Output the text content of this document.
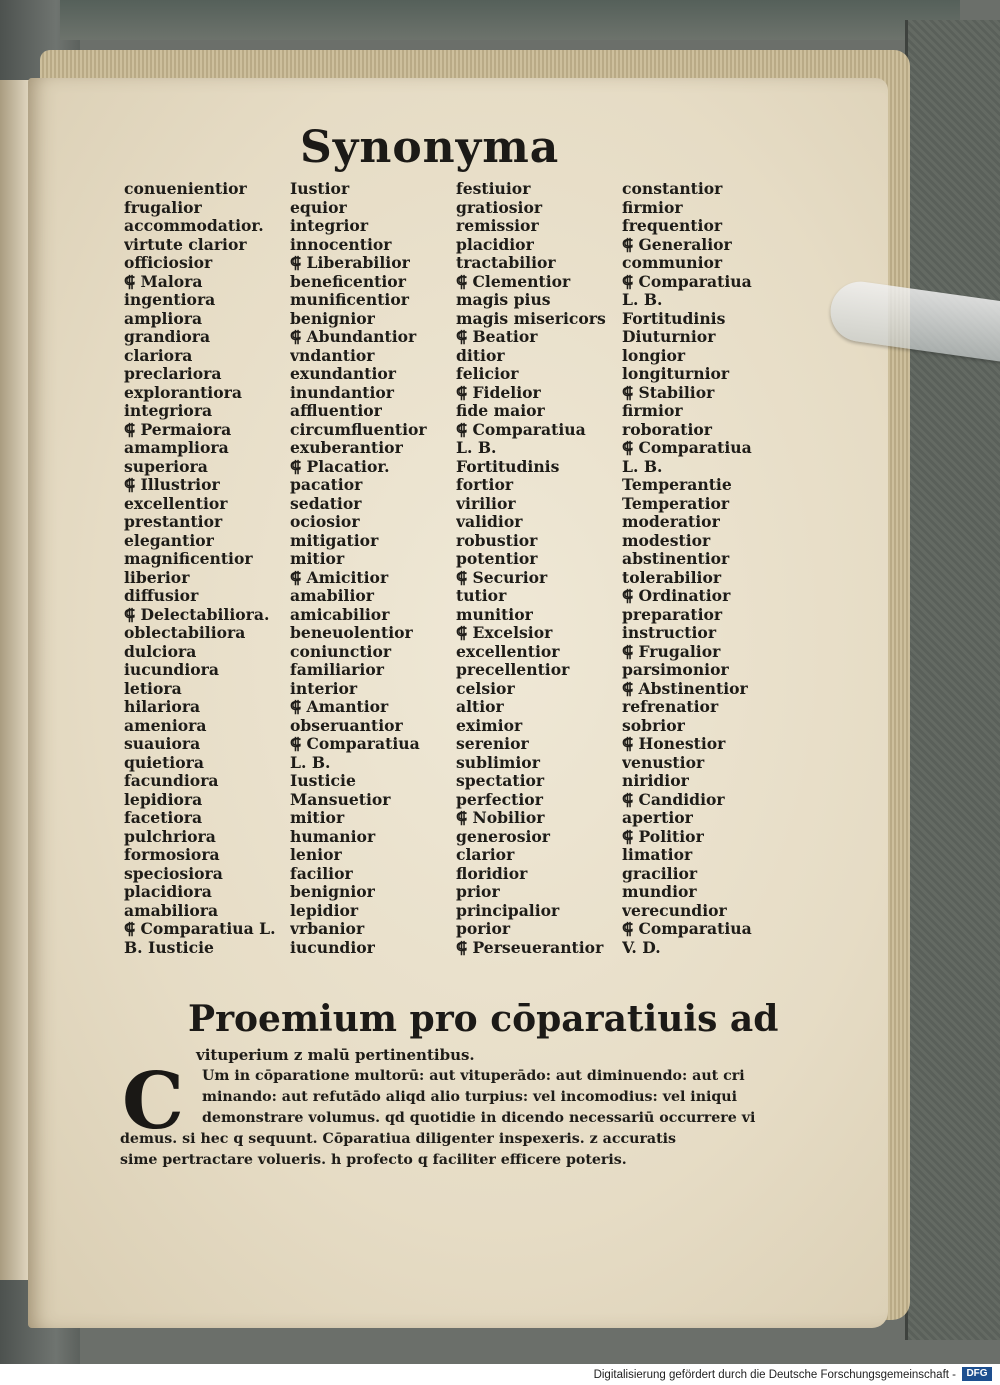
Synonyma
conuenientior
frugalior
accommodatior.
virtute clarior
officiosior
⸿ Malora
ingentiora
ampliora
grandiora
clariora
preclariora
explorantiora
integriora
⸿ Permaiora
amampliora
superiora
⸿ Illustrior
excellentior
prestantior
elegantior
magnificentior
liberior
diffusior
⸿ Delectabiliora.
oblectabiliora
dulciora
iucundiora
letiora
hilariora
ameniora
suauiora
quietiora
facundiora
lepidiora
facetiora
pulchriora
formosiora
speciosiora
placidiora
amabiliora
⸿ Comparatiua L.
B. Iusticie
Iustior
equior
integrior
innocentior
⸿ Liberabilior
beneficentior
munificentior
benignior
⸿ Abundantior
vndantior
exundantior
inundantior
affluentior
circumfluentior
exuberantior
⸿ Placatior.
pacatior
sedatior
ociosior
mitigatior
mitior
⸿ Amicitior
amabilior
amicabilior
beneuolentior
coniunctior
familiarior
interior
⸿ Amantior
obseruantior
⸿ Comparatiua
L. B.
Iusticie
Mansuetior
mitior
humanior
lenior
facilior
benignior
lepidior
vrbanior
iucundior
festiuior
gratiosior
remissior
placidior
tractabilior
⸿ Clementior
magis pius
magis misericors
⸿ Beatior
ditior
felicior
⸿ Fidelior
fide maior
⸿ Comparatiua
L. B.
Fortitudinis
fortior
virilior
validior
robustior
potentior
⸿ Securior
tutior
munitior
⸿ Excelsior
excellentior
precellentior
celsior
altior
eximior
serenior
sublimior
spectatior
perfectior
⸿ Nobilior
generosior
clarior
floridior
prior
principalior
porior
⸿ Perseuerantior
constantior
firmior
frequentior
⸿ Generalior
communior
⸿ Comparatiua
L. B.
Fortitudinis
Diuturnior
longior
longiturnior
⸿ Stabilior
firmior
roboratior
⸿ Comparatiua
L. B.
Temperantie
Temperatior
moderatior
modestior
abstinentior
tolerabilior
⸿ Ordinatior
preparatior
instructior
⸿ Frugalior
parsimonior
⸿ Abstinentior
refrenatior
sobrior
⸿ Honestior
venustior
niridior
⸿ Candidior
apertior
⸿ Politior
limatior
gracilior
mundior
verecundior
⸿ Comparatiua
V. D.
Proemium pro cōparatiuis ad
vituperium z malū pertinentibus.
C	Um in cōparatione multorū: aut vituperādo: aut diminuendo: aut cri
minando: aut refutādo aliqd alio turpius: vel incomodius: vel iniqui
demonstrare volumus. qd quotidie in dicendo necessariū occurrere vi
demus. si hec q sequunt. Cōparatiua diligenter inspexeris. z accuratis
sime pertractare volueris. h profecto q faciliter efficere poteris.
Digitalisierung gefördert durch die Deutsche Forschungsgemeinschaft -	DFG
